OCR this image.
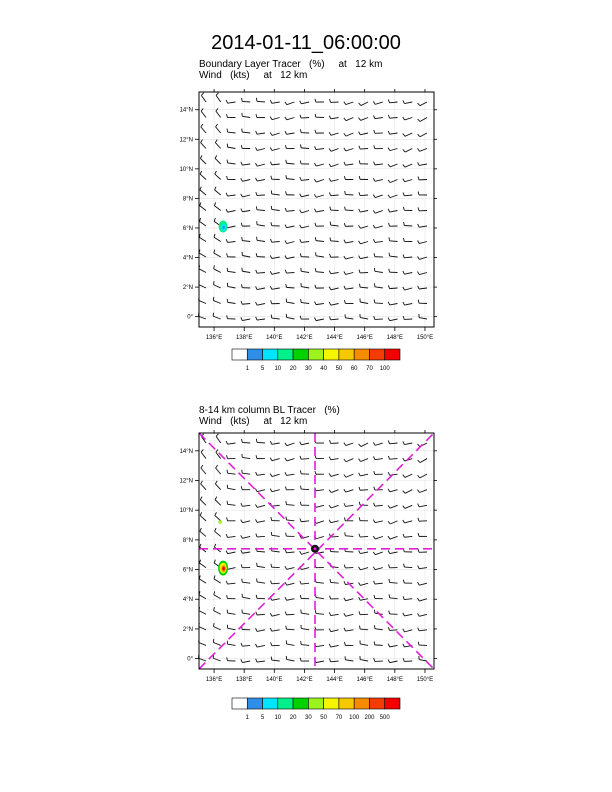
2014-01-11_06:00:00
Boundary Layer Tracer   (%)     at   12 km
Wind   (kts)     at   12 km
8-14 km column BL Tracer   (%)
Wind   (kts)     at   12 km
136°E 138°E 140°E 142°E 144°E 146°E 148°E 150°E
14°N
12°N
10°N
8°N
6°N
4°N
2°N
0°
1 5 10 20 30 40 50 60 70 100
136°E 138°E 140°E 142°E 144°E 146°E 148°E 150°E
14°N
12°N
10°N
8°N
6°N
4°N
2°N
0°
1 5 10 20 30 50 70 100 200 500
